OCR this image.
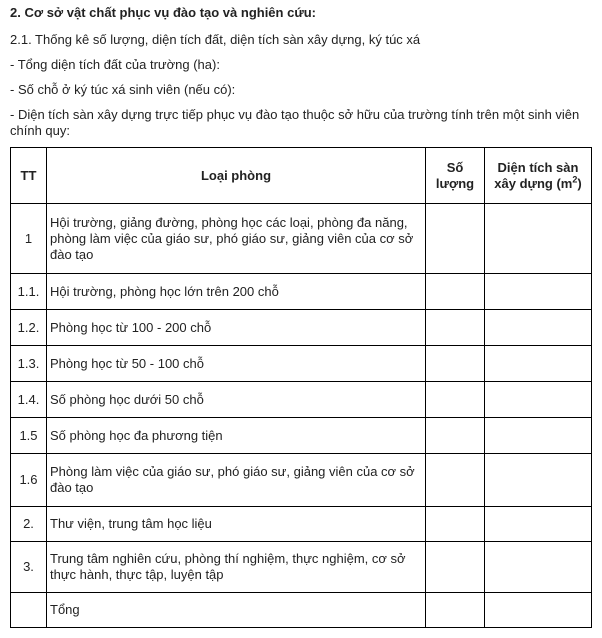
2. Cơ sở vật chất phục vụ đào tạo và nghiên cứu:

2.1. Thống kê số lượng, diện tích đất, diện tích sàn xây dựng, ký túc xá

- Tổng diện tích đất của trường (ha):

- Số chỗ ở ký túc xá sinh viên (nếu có):

- Diện tích sàn xây dựng trực tiếp phục vụ đào tạo thuộc sở hữu của trường tính trên một sinh viên chính quy:

TT	Loại phòng	Số lượng	Diện tích sàn xây dựng $(m^2)$
1	Hội trường, giảng đường, phòng học các loại, phòng đa năng, phòng làm việc của giáo sư, phó giáo sư, giảng viên của cơ sở đào tạo		
1.1.	Hội trường, phòng học lớn trên 200 chỗ		
1.2.	Phòng học từ 100 - 200 chỗ		
1.3.	Phòng học từ 50 - 100 chỗ		
1.4.	Số phòng học dưới 50 chỗ		
1.5	Số phòng học đa phương tiện		
1.6	Phòng làm việc của giáo sư, phó giáo sư, giảng viên của cơ sở đào tạo		
2.	Thư viện, trung tâm học liệu		
3.	Trung tâm nghiên cứu, phòng thí nghiệm, thực nghiệm, cơ sở thực hành, thực tập, luyện tập		
	Tổng		
